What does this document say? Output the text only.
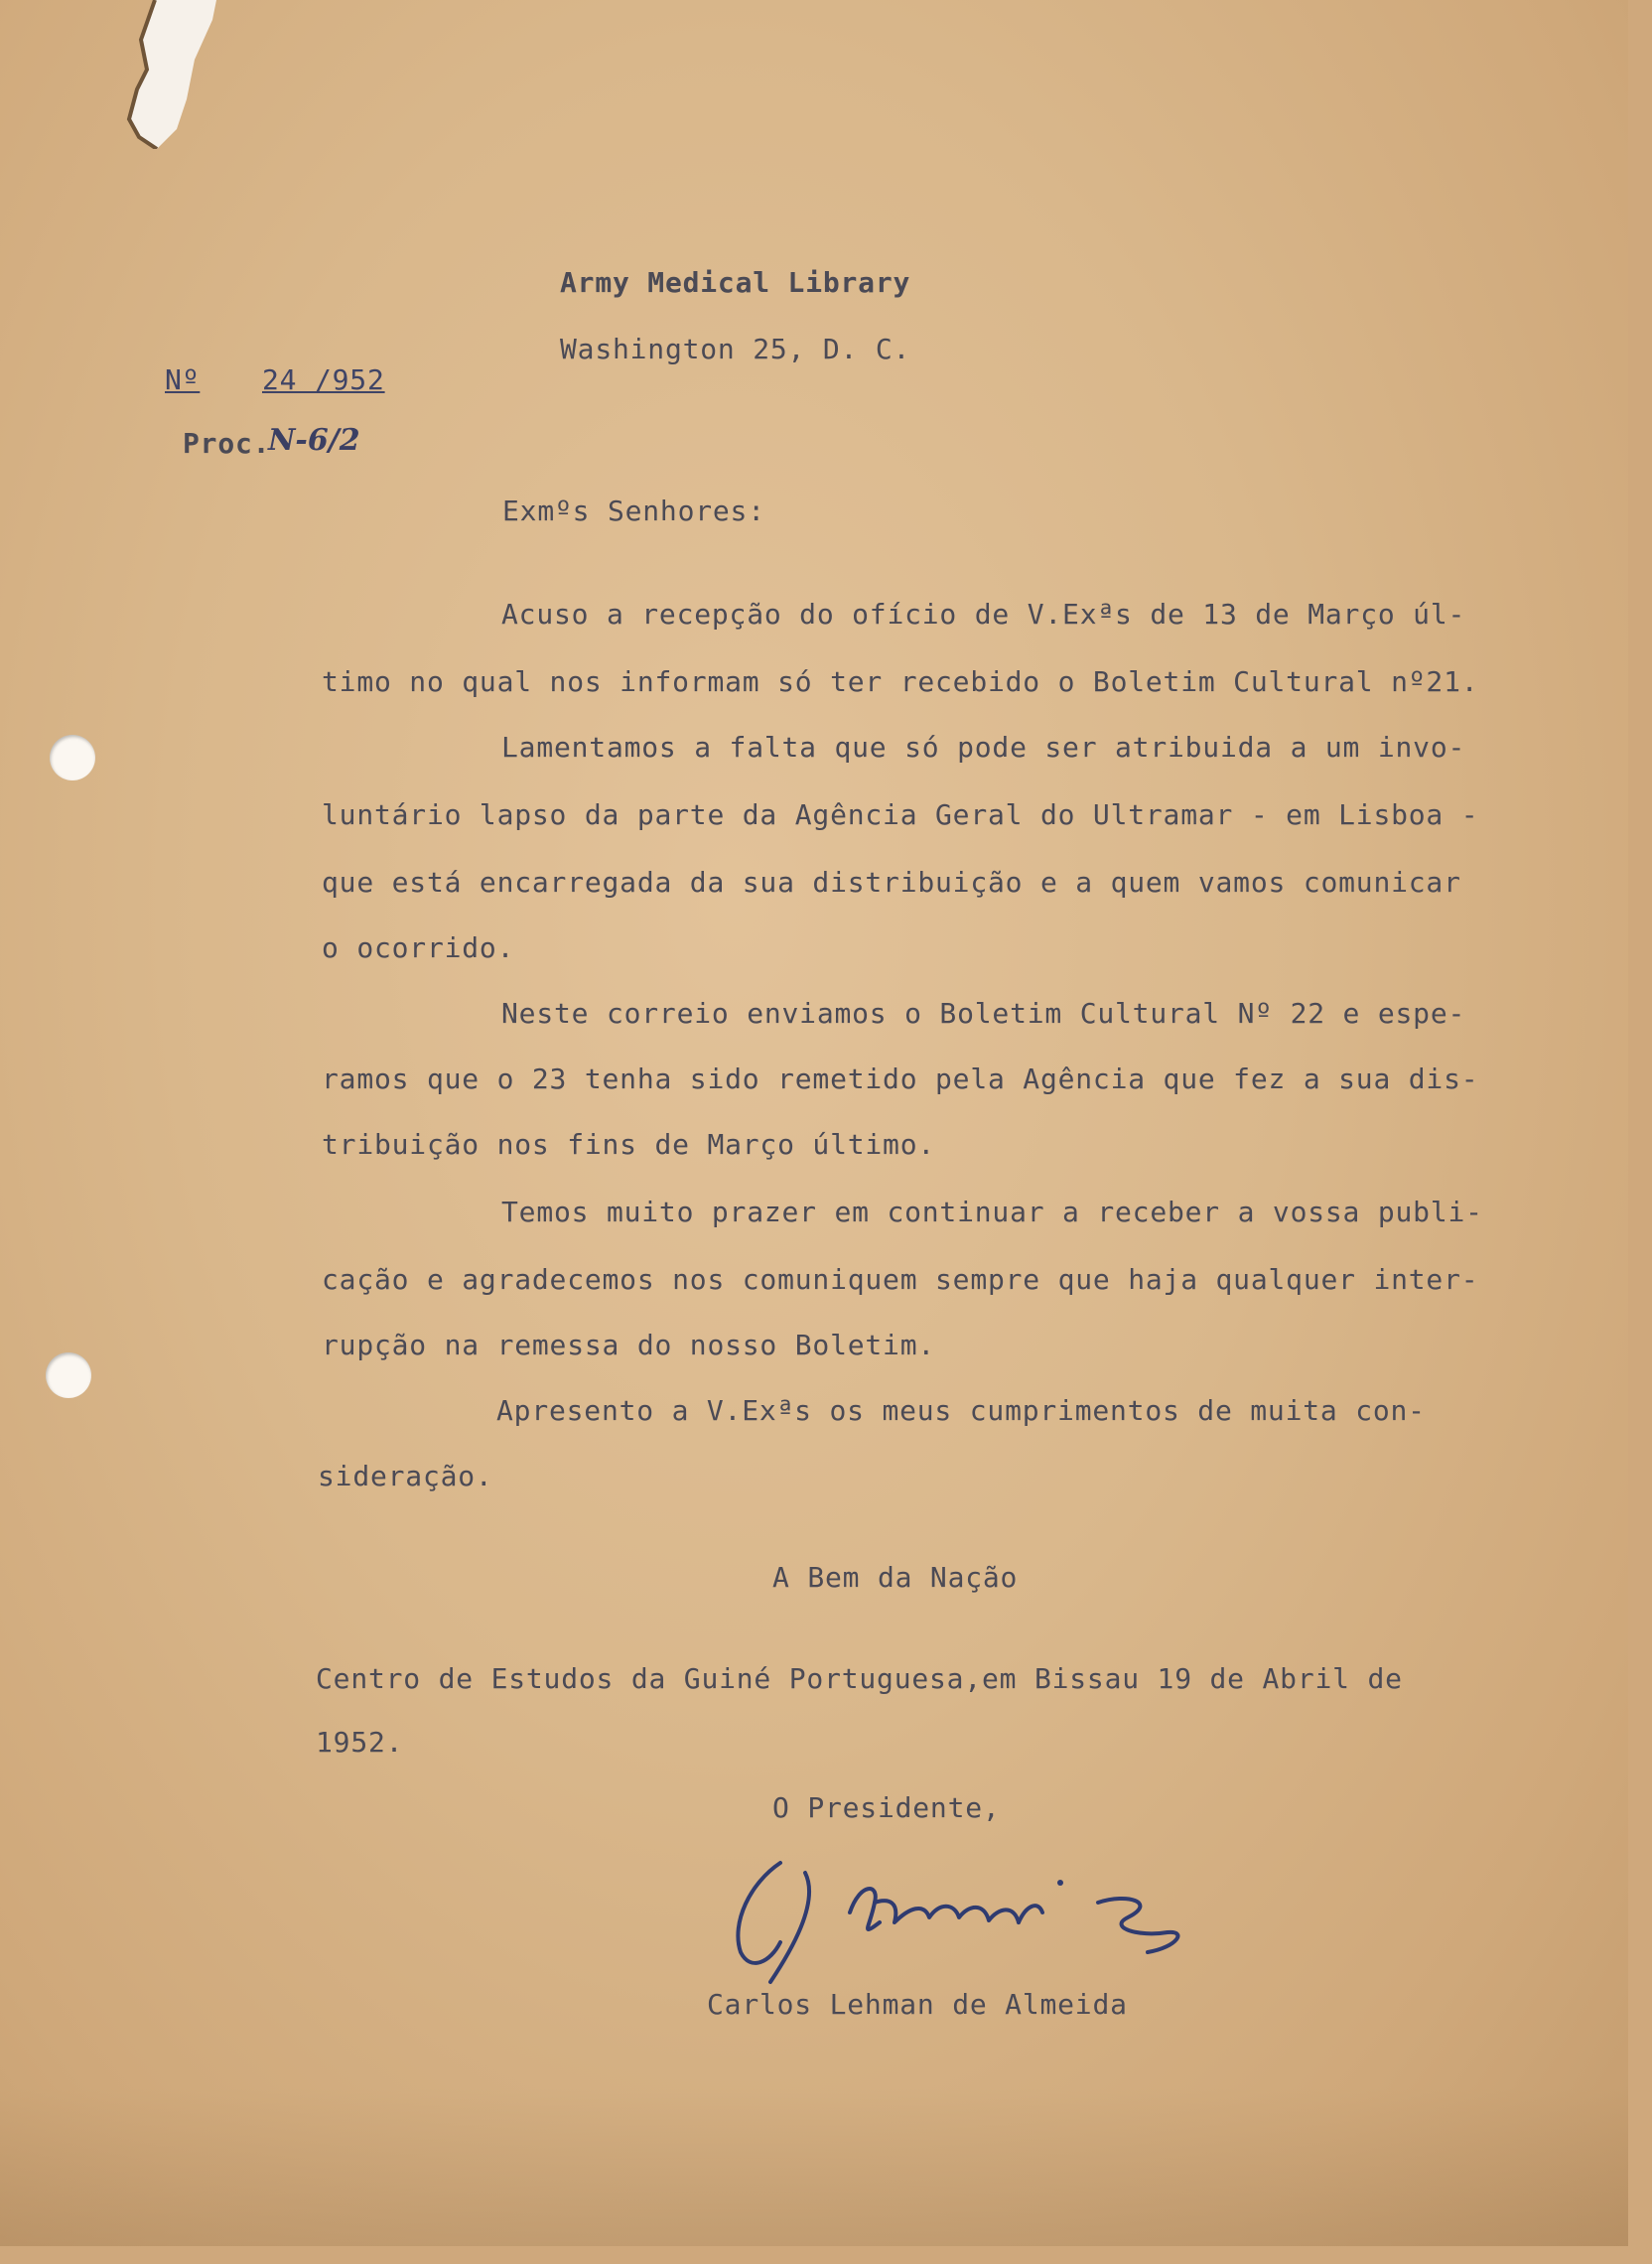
Army Medical Library
Washington 25, D. C.
Nº 24 /952
Proc.
N-6/2
Exmºs Senhores:
Acuso a recepção do ofício de V.Exªs de 13 de Março úl-
timo no qual nos informam só ter recebido o Boletim Cultural nº21.
Lamentamos a falta que só pode ser atribuida a um invo-
luntário lapso da parte da Agência Geral do Ultramar - em Lisboa -
que está encarregada da sua distribuição e a quem vamos comunicar
o ocorrido.
Neste correio enviamos o Boletim Cultural Nº 22 e espe-
ramos que o 23 tenha sido remetido pela Agência que fez a sua dis-
tribuição nos fins de Março último.
Temos muito prazer em continuar a receber a vossa publi-
cação e agradecemos nos comuniquem sempre que haja qualquer inter-
rupção na remessa do nosso Boletim.
Apresento a V.Exªs os meus cumprimentos de muita con-
sideração.
A Bem da Nação
Centro de Estudos da Guiné Portuguesa,em Bissau 19 de Abril de
1952.
O Presidente,
Carlos Lehman de Almeida
